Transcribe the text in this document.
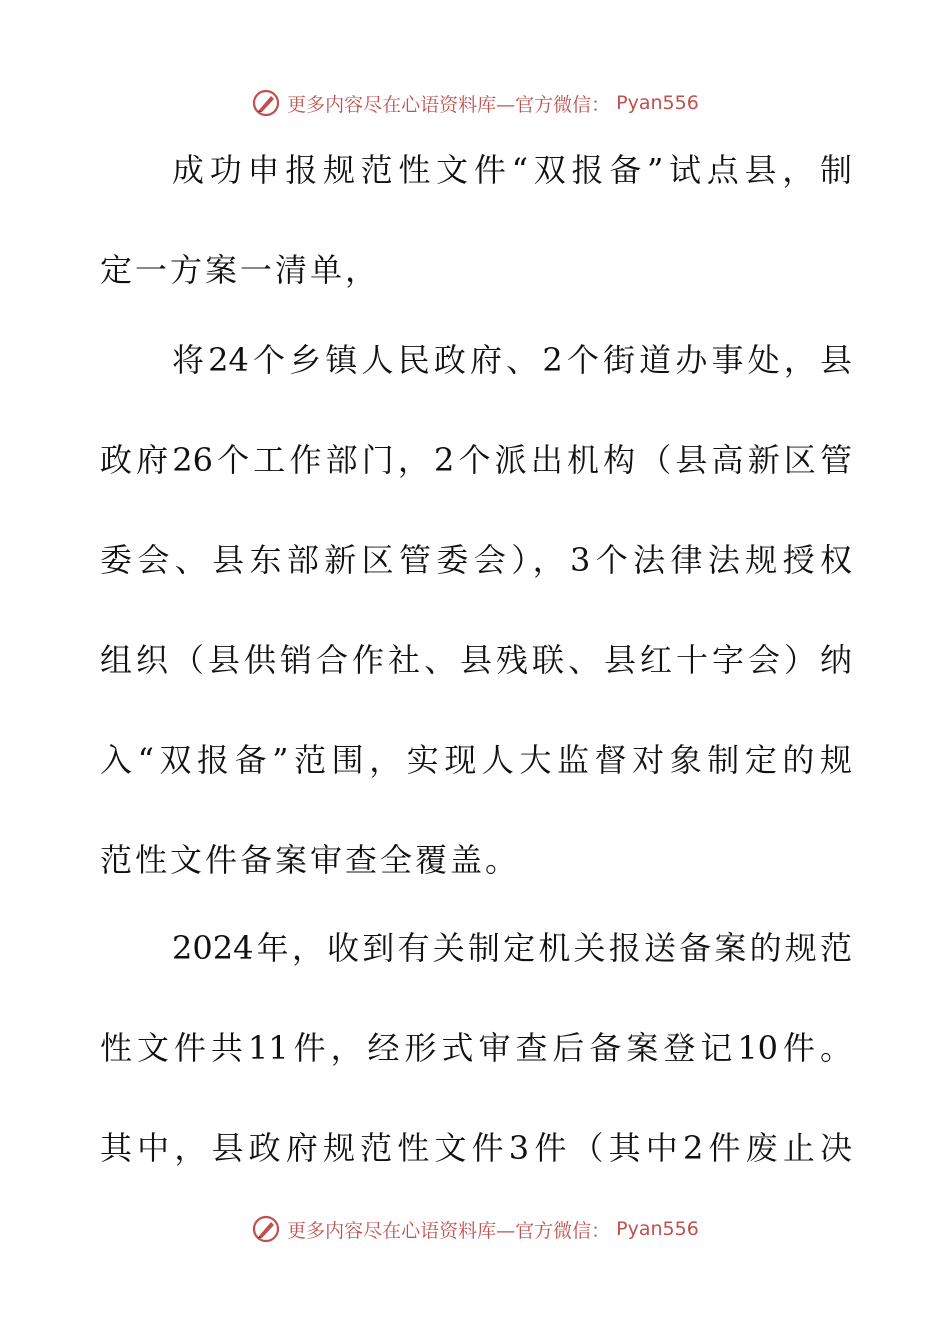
更多内容尽在心语资料库—官方微信： Pyan556
成功申报规范性文件“双报备”试点县，制
定一方案一清单，
将24个乡镇人民政府、2个街道办事处，县
政府26个工作部门，2个派出机构（县高新区管
委会、县东部新区管委会），3个法律法规授权
组织（县供销合作社、县残联、县红十字会）纳
入“双报备”范围，实现人大监督对象制定的规
范性文件备案审查全覆盖。
2024年，收到有关制定机关报送备案的规范
性文件共11件，经形式审查后备案登记10件。
其中，县政府规范性文件3件（其中2件废止决
更多内容尽在心语资料库—官方微信： Pyan556
